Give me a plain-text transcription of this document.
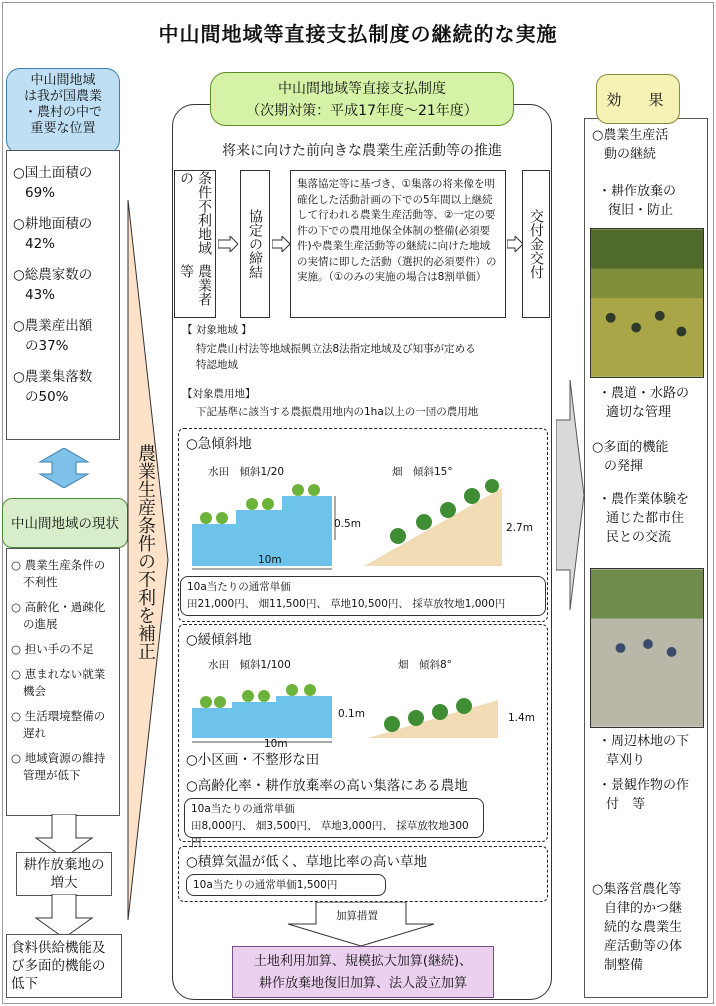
中山間地域等直接支払制度の継続的な実施
中山間地域
は我が国農業
・農村の中で
重要な位置
○国土面積の
69%
○耕地面積の
42%
○総農家数の
43%
○農業産出額
の37%
○農業集落数
の50%
中山間地域の現状
○ 農業生産条件の
不利性
○ 高齢化・過疎化
の進展
○ 担い手の不足
○ 恵まれない就業
機会
○ 生活環境整備の
遅れ
○ 地域資源の維持
管理が低下
耕作放棄地の
増大
食料供給機能及
び多面的機能の
低下
農業生産条件の不利を補正
中山間地域等直接支払制度
（次期対策：平成17年度〜21年度）
将来に向けた前向きな農業生産活動等の推進
条件不利地域の
農業者等	協定の締結
集落協定等に基づき、①集落の将来像を明確化した活動計画の下での5年間以上継続して行われる農業生産活動等、②一定の要件の下での農用地保全体制の整備(必須要件)や農業生産活動等の継続に向けた地域の実情に即した活動（選択的必須要件）の実施。（①のみの実施の場合は8割単価）	交付金交付
【 対象地域 】
特定農山村法等地域振興立法8法指定地域及び知事が定める
特認地域
【対象農用地】
下記基準に該当する農振農用地内の1ha以上の一団の農用地
○急傾斜地
水田　傾斜1/20	畑　傾斜15°
0.5m	2.7m
10m
10a当たりの通常単価
田21,000円、 畑11,500円、 草地10,500円、 採草放牧地1,000円
○緩傾斜地
水田　傾斜1/100	畑　傾斜8°
0.1m	1.4m
10m
○小区画・不整形な田
○高齢化率・耕作放棄率の高い集落にある農地
10a当たりの通常単価
田8,000円、 畑3,500円、 草地3,000円、 採草放牧地300円
○積算気温が低く、草地比率の高い草地
10a当たりの通常単価1,500円
加算措置
土地利用加算、規模拡大加算(継続)、
耕作放棄地復旧加算、法人設立加算
効　果
○農業生産活
動の継続
・耕作放棄の
復旧・防止
・農道・水路の
適切な管理
○多面的機能
の発揮
・農作業体験を
通じた都市住
民との交流
・周辺林地の下
草刈り
・景観作物の作
付　等
○集落営農化等
自律的かつ継
続的な農業生
産活動等の体
制整備
